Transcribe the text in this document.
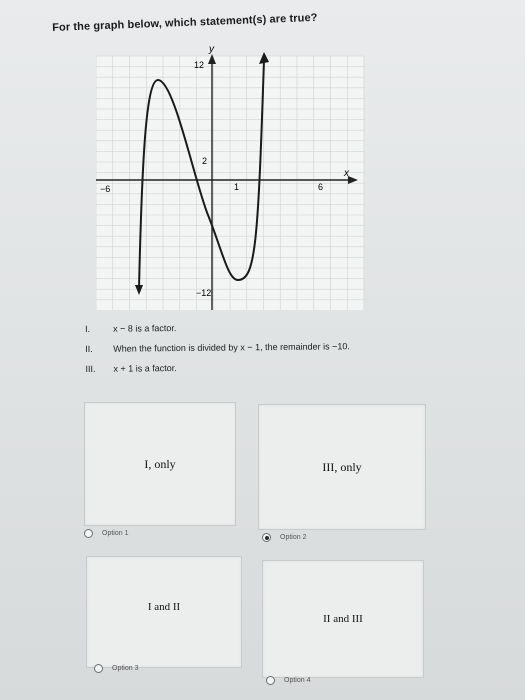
For the graph below, which statement(s) are true?
y
x
12
2
−12
−6	1	6
I.	x − 8 is a factor.
II.	When the function is divided by x − 1, the remainder is −10.
III.	x + 1 is a factor.
I, only
Option 1
III, only
Option 2
I and II
Option 3
II and III
Option 4
